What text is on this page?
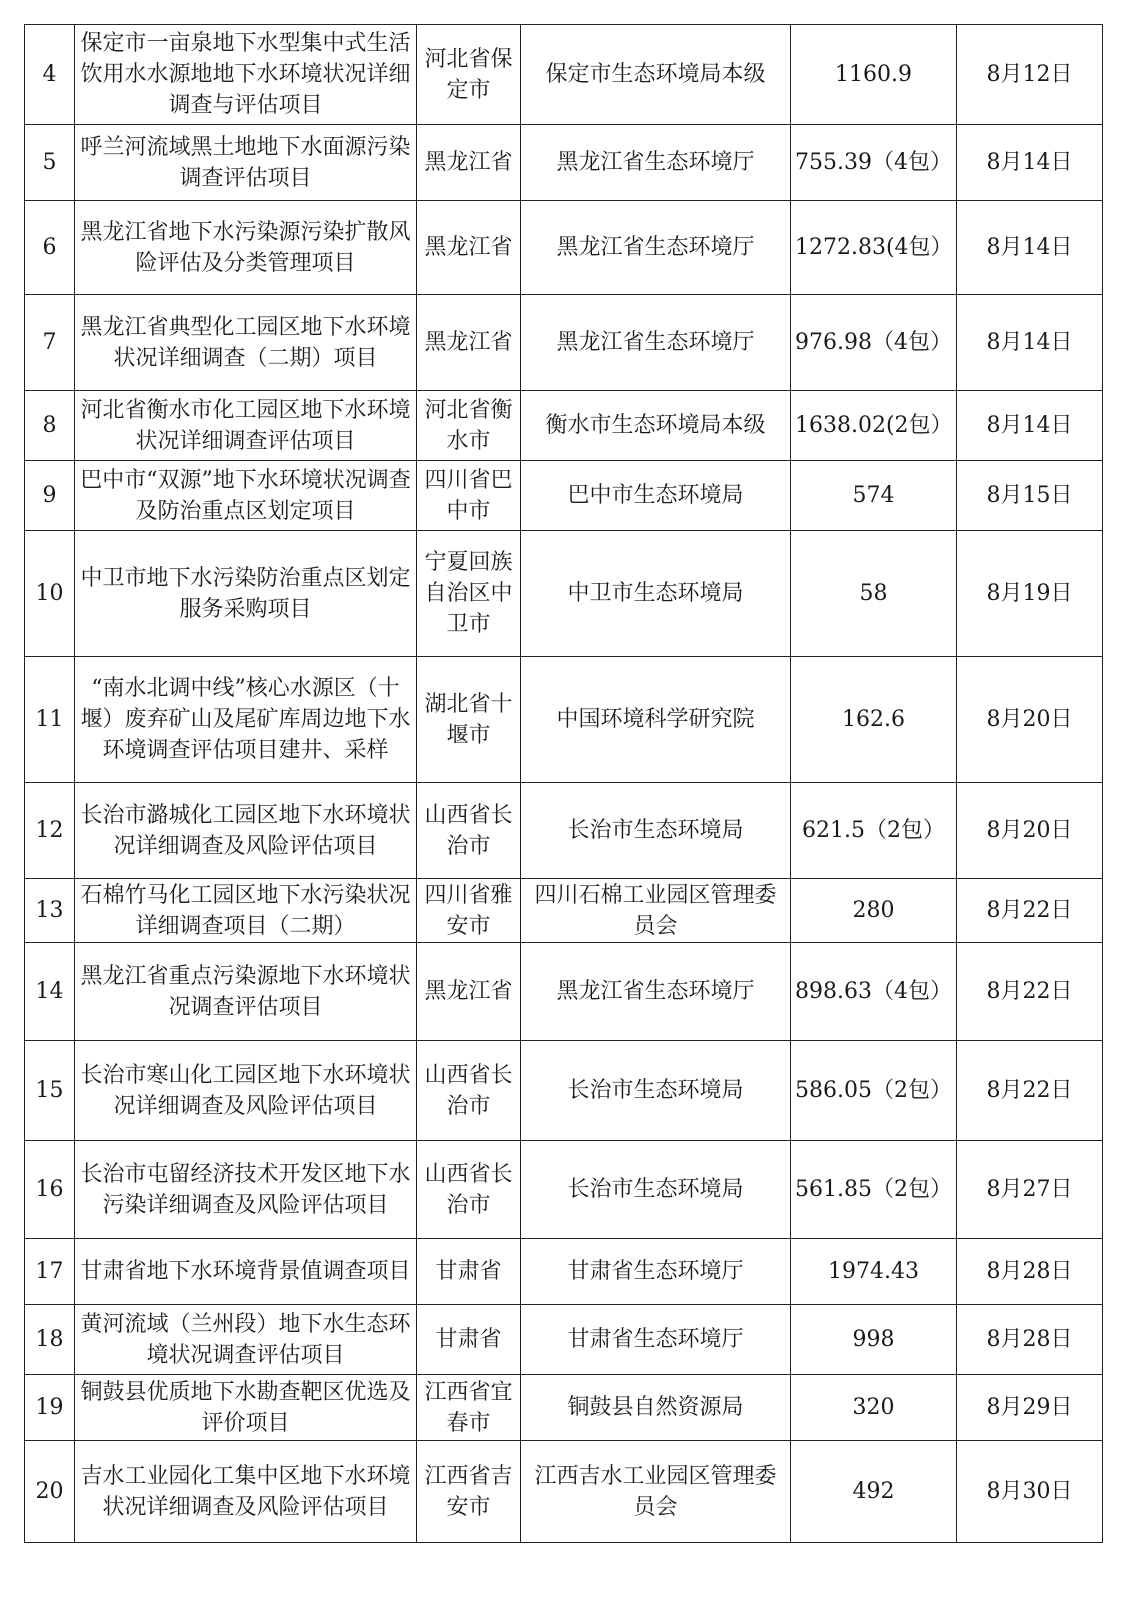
4	保定市一亩泉地下水型集中式生活饮用水水源地地下水环境状况详细调查与评估项目	河北省保定市	保定市生态环境局本级	1160.9	8月12日
5	呼兰河流域黑土地地下水面源污染调查评估项目	黑龙江省	黑龙江省生态环境厅	755.39（4包）	8月14日
6	黑龙江省地下水污染源污染扩散风险评估及分类管理项目	黑龙江省	黑龙江省生态环境厅	1272.83(4包）	8月14日
7	黑龙江省典型化工园区地下水环境状况详细调查（二期）项目	黑龙江省	黑龙江省生态环境厅	976.98（4包）	8月14日
8	河北省衡水市化工园区地下水环境状况详细调查评估项目	河北省衡水市	衡水市生态环境局本级	1638.02(2包）	8月14日
9	巴中市“双源”地下水环境状况调查及防治重点区划定项目	四川省巴中市	巴中市生态环境局	574	8月15日
10	中卫市地下水污染防治重点区划定服务采购项目	宁夏回族自治区中卫市	中卫市生态环境局	58	8月19日
11	“南水北调中线”核心水源区（十堰）废弃矿山及尾矿库周边地下水环境调查评估项目建井、采样	湖北省十堰市	中国环境科学研究院	162.6	8月20日
12	长治市潞城化工园区地下水环境状况详细调查及风险评估项目	山西省长治市	长治市生态环境局	621.5（2包）	8月20日
13	石棉竹马化工园区地下水污染状况详细调查项目（二期）	四川省雅安市	四川石棉工业园区管理委员会	280	8月22日
14	黑龙江省重点污染源地下水环境状况调查评估项目	黑龙江省	黑龙江省生态环境厅	898.63（4包）	8月22日
15	长治市寒山化工园区地下水环境状况详细调查及风险评估项目	山西省长治市	长治市生态环境局	586.05（2包）	8月22日
16	长治市屯留经济技术开发区地下水污染详细调查及风险评估项目	山西省长治市	长治市生态环境局	561.85（2包）	8月27日
17	甘肃省地下水环境背景值调查项目	甘肃省	甘肃省生态环境厅	1974.43	8月28日
18	黄河流域（兰州段）地下水生态环境状况调查评估项目	甘肃省	甘肃省生态环境厅	998	8月28日
19	铜鼓县优质地下水勘查靶区优选及评价项目	江西省宜春市	铜鼓县自然资源局	320	8月29日
20	吉水工业园化工集中区地下水环境状况详细调查及风险评估项目	江西省吉安市	江西吉水工业园区管理委员会	492	8月30日
